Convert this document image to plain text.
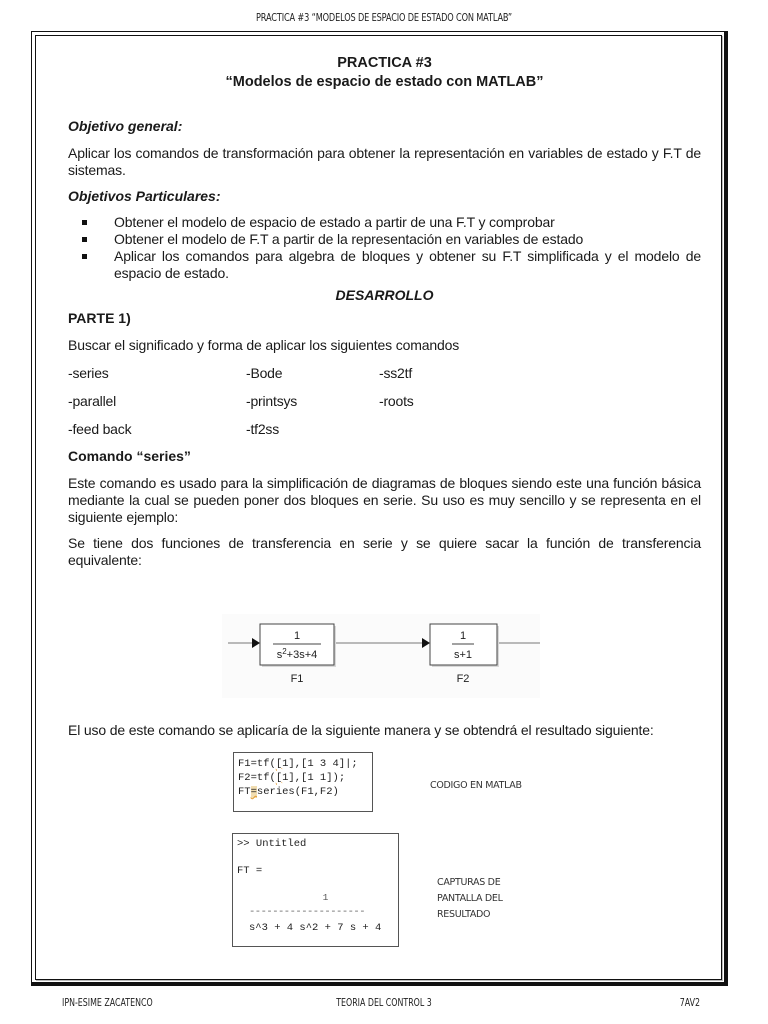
PRACTICA #3 “MODELOS DE ESPACIO DE ESTADO CON MATLAB”
PRACTICA #3
“Modelos de espacio de estado con MATLAB”

Objetivo general:

Aplicar los comandos de transformación para obtener la representación en variables de estado y F.T de sistemas.

Objetivos Particulares:

Obtener el modelo de espacio de estado a partir de una F.T y comprobar
Obtener el modelo de F.T a partir de la representación en variables de estado
Aplicar los comandos para algebra de bloques y obtener su F.T simplificada y el modelo de espacio de estado.
DESARROLLO

PARTE 1)

Buscar el significado y forma de aplicar los siguientes comandos

-series	-Bode	-ss2tf
-parallel	-printsys	-roots
-feed back	-tf2ss

Comando “series”

Este comando es usado para la simplificación de diagramas de bloques siendo este una función básica mediante la cual se pueden poner dos bloques en serie. Su uso es muy sencillo y se representa en el siguiente ejemplo:

Se tiene dos funciones de transferencia en serie y se quiere sacar la función de transferencia equivalente:

1
$s^2+3s+4$
F1
1
s+1
F2

El uso de este comando se aplicaría de la siguiente manera y se obtendrá el resultado siguiente:

F1=tf([1],[1 3 4]|;
F2=tf([1],[1 1]);
FT=series(F1,F2)
CODIGO EN MATLAB
>> Untitled
FT =
1
--------------------
s^3 + 4 s^2 + 7 s + 4
CAPTURAS DE
PANTALLA DEL
RESULTADO
IPN-ESIME ZACATENCO	TEORIA DEL CONTROL 3	7AV2
